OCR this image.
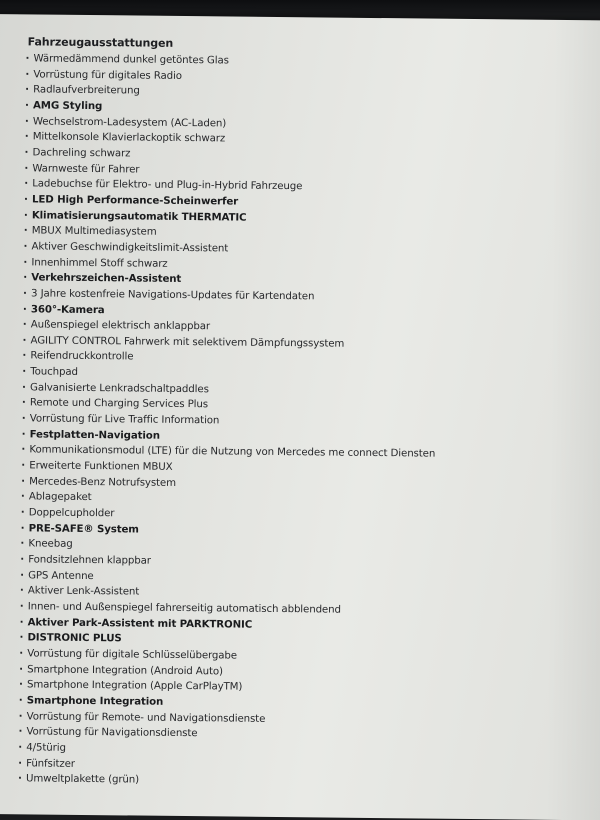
Fahrzeugausstattungen
· Wärmedämmend dunkel getöntes Glas
· Vorrüstung für digitales Radio
· Radlaufverbreiterung
· AMG Styling
· Wechselstrom-Ladesystem (AC-Laden)
· Mittelkonsole Klavierlackoptik schwarz
· Dachreling schwarz
· Warnweste für Fahrer
· Ladebuchse für Elektro- und Plug-in-Hybrid Fahrzeuge
· LED High Performance-Scheinwerfer
· Klimatisierungsautomatik THERMATIC
· MBUX Multimediasystem
· Aktiver Geschwindigkeitslimit-Assistent
· Innenhimmel Stoff schwarz
· Verkehrszeichen-Assistent
· 3 Jahre kostenfreie Navigations-Updates für Kartendaten
· 360°-Kamera
· Außenspiegel elektrisch anklappbar
· AGILITY CONTROL Fahrwerk mit selektivem Dämpfungssystem
· Reifendruckkontrolle
· Touchpad
· Galvanisierte Lenkradschaltpaddles
· Remote und Charging Services Plus
· Vorrüstung für Live Traffic Information
· Festplatten-Navigation
· Kommunikationsmodul (LTE) für die Nutzung von Mercedes me connect Diensten
· Erweiterte Funktionen MBUX
· Mercedes-Benz Notrufsystem
· Ablagepaket
· Doppelcupholder
· PRE-SAFE® System
· Kneebag
· Fondsitzlehnen klappbar
· GPS Antenne
· Aktiver Lenk-Assistent
· Innen- und Außenspiegel fahrerseitig automatisch abblendend
· Aktiver Park-Assistent mit PARKTRONIC
· DISTRONIC PLUS
· Vorrüstung für digitale Schlüsselübergabe
· Smartphone Integration (Android Auto)
· Smartphone Integration (Apple CarPlayTM)
· Smartphone Integration
· Vorrüstung für Remote- und Navigationsdienste
· Vorrüstung für Navigationsdienste
· 4/5türig
· Fünfsitzer
· Umweltplakette (grün)
